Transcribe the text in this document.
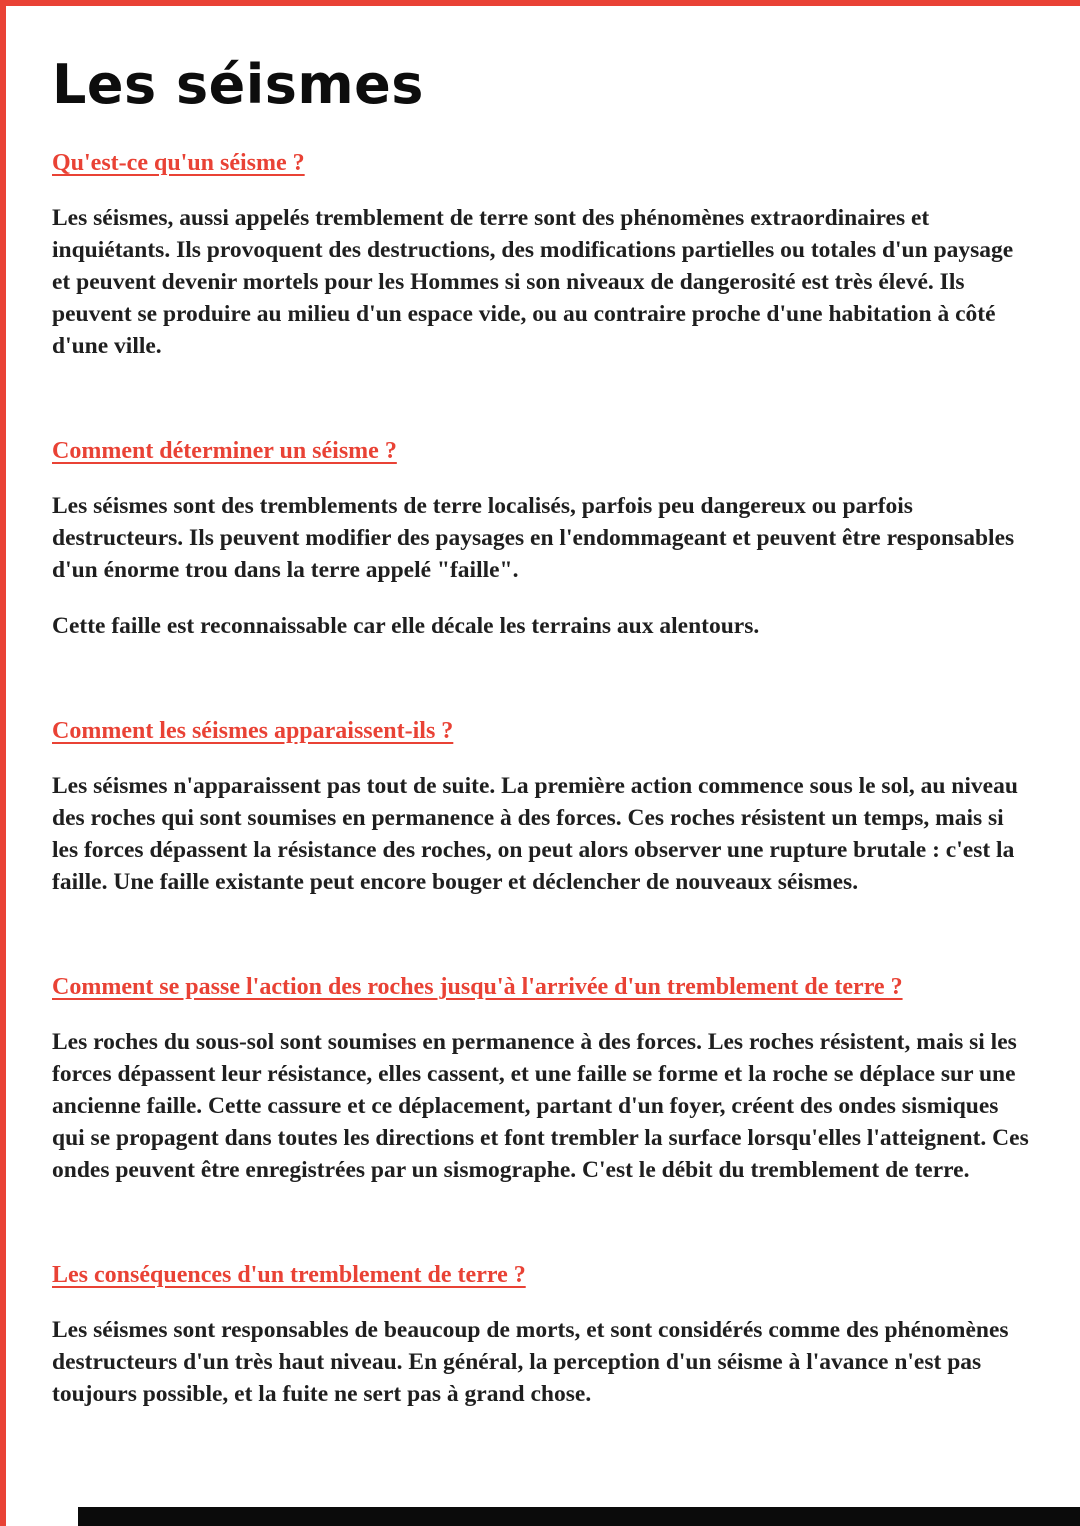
Les séismes
Qu'est-ce qu'un séisme ?

Les séismes, aussi appelés tremblement de terre sont des phénomènes extraordinaires et inquiétants. Ils provoquent des destructions, des modifications partielles ou totales d'un paysage et peuvent devenir mortels pour les Hommes si son niveaux de dangerosité est très élevé. Ils peuvent se produire au milieu d'un espace vide, ou au contraire proche d'une habitation à côté d'une ville.

Comment déterminer un séisme ?

Les séismes sont des tremblements de terre localisés, parfois peu dangereux ou parfois destructeurs. Ils peuvent modifier des paysages en l'endommageant et peuvent être responsables d'un énorme trou dans la terre appelé "faille".

Cette faille est reconnaissable car elle décale les terrains aux alentours.

Comment les séismes apparaissent-ils ?

Les séismes n'apparaissent pas tout de suite. La première action commence sous le sol, au niveau des roches qui sont soumises en permanence à des forces. Ces roches résistent un temps, mais si les forces dépassent la résistance des roches, on peut alors observer une rupture brutale : c'est la faille. Une faille existante peut encore bouger et déclencher de nouveaux séismes.

Comment se passe l'action des roches jusqu'à l'arrivée d'un tremblement de terre ?

Les roches du sous-sol sont soumises en permanence à des forces. Les roches résistent, mais si les forces dépassent leur résistance, elles cassent, et une faille se forme et la roche se déplace sur une ancienne faille. Cette cassure et ce déplacement, partant d'un foyer, créent des ondes sismiques qui se propagent dans toutes les directions et font trembler la surface lorsqu'elles l'atteignent. Ces ondes peuvent être enregistrées par un sismographe. C'est le débit du tremblement de terre.

Les conséquences d'un tremblement de terre ?

Les séismes sont responsables de beaucoup de morts, et sont considérés comme des phénomènes destructeurs d'un très haut niveau. En général, la perception d'un séisme à l'avance n'est pas toujours possible, et la fuite ne sert pas à grand chose.
